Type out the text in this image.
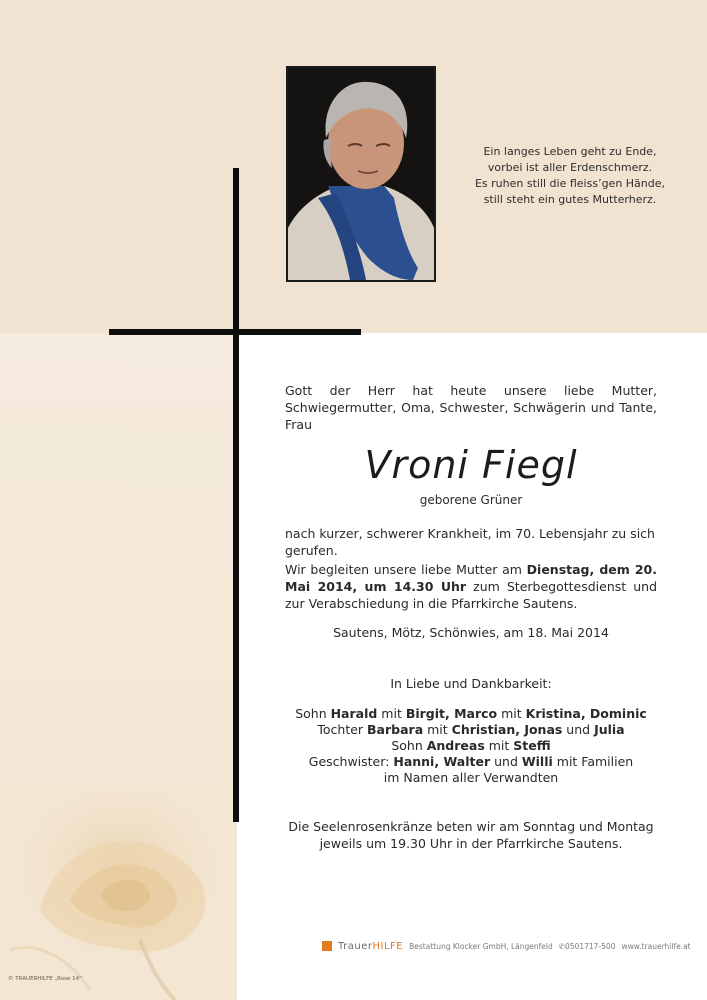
Ein langes Leben geht zu Ende,
vorbei ist aller Erdenschmerz.
Es ruhen still die fleiss’gen Hände,
still steht ein gutes Mutterherz.
Gott der Herr hat heute unsere liebe Mutter, Schwiegermutter, Oma, Schwester, Schwägerin und Tante, Frau
Vroni Fiegl
geborene Grüner
nach kurzer, schwerer Krankheit, im 70. Lebensjahr zu sich gerufen.
Wir begleiten unsere liebe Mutter am Dienstag, dem 20. Mai 2014, um 14.30 Uhr zum Sterbegottesdienst und zur Verabschiedung in die Pfarrkirche Sautens.
Sautens, Mötz, Schönwies, am 18. Mai 2014
In Liebe und Dankbarkeit:
Sohn Harald mit Birgit, Marco mit Kristina, Dominic
Tochter Barbara mit Christian, Jonas und Julia
Sohn Andreas mit Steffi
Geschwister: Hanni, Walter und Willi mit Familien
im Namen aller Verwandten
Die Seelenrosenkränze beten wir am Sonntag und Montag jeweils um 19.30 Uhr in der Pfarrkirche Sautens.
TrauerHILFE Bestattung Klocker GmbH, Längenfeld ✆0501717-500 www.trauerhilfe.at
© TRAUERHILFE „Rose 14“
